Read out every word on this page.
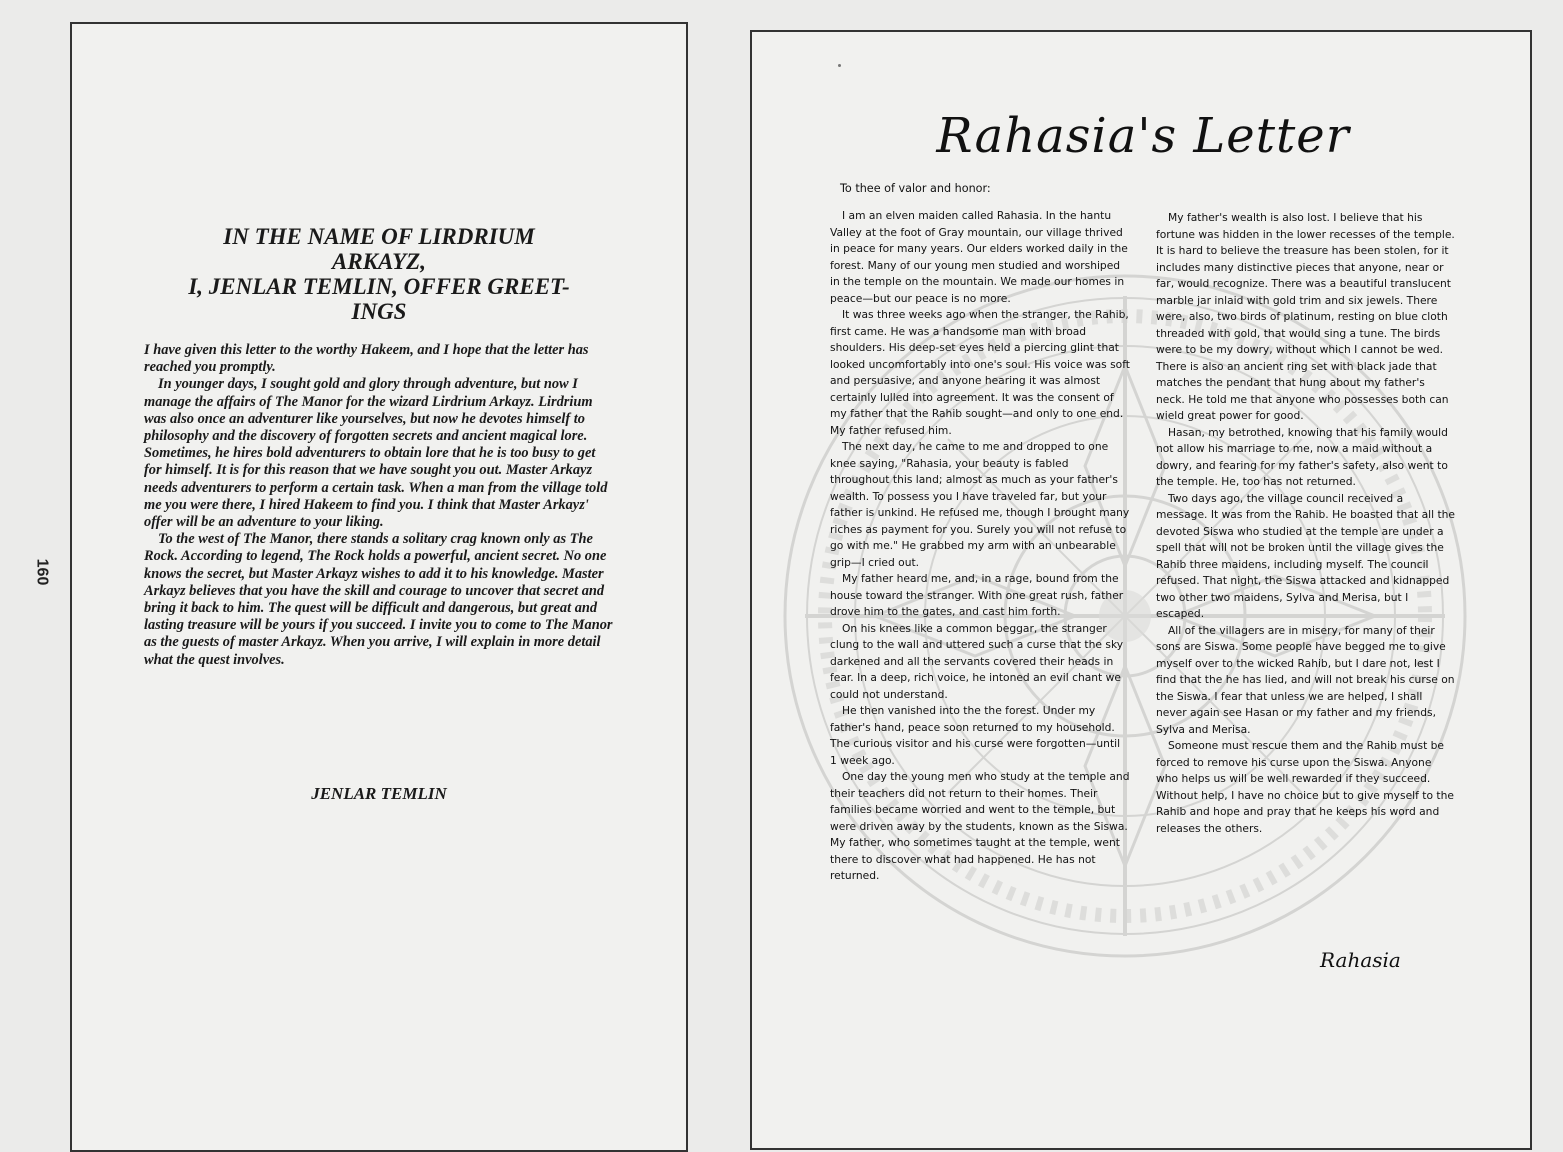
160
IN THE NAME OF LIRDRIUM
ARKAYZ,
I, JENLAR TEMLIN, OFFER GREET-
INGS

I have given this letter to the worthy Hakeem, and I hope that the letter has reached you promptly.

In younger days, I sought gold and glory through adventure, but now I manage the affairs of The Manor for the wizard Lirdrium Arkayz. Lirdrium was also once an adventurer like yourselves, but now he devotes himself to philosophy and the discovery of forgotten secrets and ancient magical lore. Sometimes, he hires bold adventurers to obtain lore that he is too busy to get for himself. It is for this reason that we have sought you out. Master Arkayz needs adventurers to perform a certain task. When a man from the village told me you were there, I hired Hakeem to find you. I think that Master Arkayz' offer will be an adventure to your liking.

To the west of The Manor, there stands a solitary crag known only as The Rock. According to legend, The Rock holds a powerful, ancient secret. No one knows the secret, but Master Arkayz wishes to add it to his knowledge. Master Arkayz believes that you have the skill and courage to uncover that secret and bring it back to him. The quest will be difficult and dangerous, but great and lasting treasure will be yours if you succeed. I invite you to come to The Manor as the guests of master Arkayz. When you arrive, I will explain in more detail what the quest involves.

JENLAR TEMLIN
Rahasia's Letter
To thee of valor and honor:

I am an elven maiden called Rahasia. In the hantu Valley at the foot of Gray mountain, our village thrived in peace for many years. Our elders worked daily in the forest. Many of our young men studied and worshiped in the temple on the mountain. We made our homes in peace—but our peace is no more.

It was three weeks ago when the stranger, the Rahib, first came. He was a handsome man with broad shoulders. His deep-set eyes held a piercing glint that looked uncomfortably into one's soul. His voice was soft and persuasive, and anyone hearing it was almost certainly lulled into agreement. It was the consent of my father that the Rahib sought—and only to one end. My father refused him.

The next day, he came to me and dropped to one knee saying, "Rahasia, your beauty is fabled throughout this land; almost as much as your father's wealth. To possess you I have traveled far, but your father is unkind. He refused me, though I brought many riches as payment for you. Surely you will not refuse to go with me." He grabbed my arm with an unbearable grip—I cried out.

My father heard me, and, in a rage, bound from the house toward the stranger. With one great rush, father drove him to the gates, and cast him forth.

On his knees like a common beggar, the stranger clung to the wall and uttered such a curse that the sky darkened and all the servants covered their heads in fear. In a deep, rich voice, he intoned an evil chant we could not understand.

He then vanished into the the forest. Under my father's hand, peace soon returned to my household. The curious visitor and his curse were forgotten—until 1 week ago.

One day the young men who study at the temple and their teachers did not return to their homes. Their families became worried and went to the temple, but were driven away by the students, known as the Siswa. My father, who sometimes taught at the temple, went there to discover what had happened. He has not returned.

My father's wealth is also lost. I believe that his fortune was hidden in the lower recesses of the temple. It is hard to believe the treasure has been stolen, for it includes many distinctive pieces that anyone, near or far, would recognize. There was a beautiful translucent marble jar inlaid with gold trim and six jewels. There were, also, two birds of platinum, resting on blue cloth threaded with gold, that would sing a tune. The birds were to be my dowry, without which I cannot be wed. There is also an ancient ring set with black jade that matches the pendant that hung about my father's neck. He told me that anyone who possesses both can wield great power for good.

Hasan, my betrothed, knowing that his family would not allow his marriage to me, now a maid without a dowry, and fearing for my father's safety, also went to the temple. He, too has not returned.

Two days ago, the village council received a message. It was from the Rahib. He boasted that all the devoted Siswa who studied at the temple are under a spell that will not be broken until the village gives the Rahib three maidens, including myself. The council refused. That night, the Siswa attacked and kidnapped two other two maidens, Sylva and Merisa, but I escaped.

All of the villagers are in misery, for many of their sons are Siswa. Some people have begged me to give myself over to the wicked Rahib, but I dare not, lest I find that the he has lied, and will not break his curse on the Siswa. I fear that unless we are helped, I shall never again see Hasan or my father and my friends, Sylva and Merisa.

Someone must rescue them and the Rahib must be forced to remove his curse upon the Siswa. Anyone who helps us will be well rewarded if they succeed. Without help, I have no choice but to give myself to the Rahib and hope and pray that he keeps his word and releases the others.

Rahasia
